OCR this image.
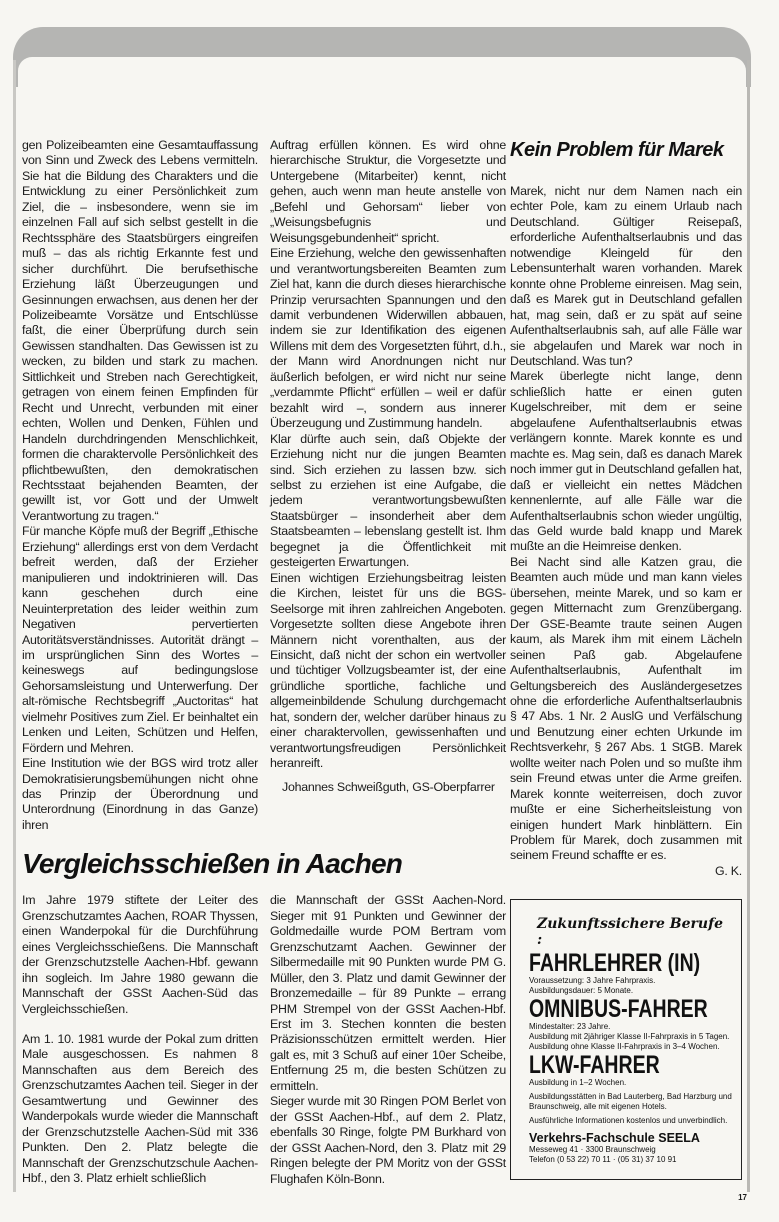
gen Polizeibeamten eine Gesamtauffassung von Sinn und Zweck des Lebens vermitteln. Sie hat die Bildung des Charakters und die Entwicklung zu einer Persönlichkeit zum Ziel, die – insbesondere, wenn sie im einzelnen Fall auf sich selbst gestellt in die Rechtssphäre des Staatsbürgers eingreifen muß – das als richtig Erkannte fest und sicher durchführt. Die berufsethische Erziehung läßt Überzeugungen und Gesinnungen erwachsen, aus denen her der Polizeibeamte Vorsätze und Entschlüsse faßt, die einer Überprüfung durch sein Gewissen standhalten. Das Gewissen ist zu wecken, zu bilden und stark zu machen. Sittlichkeit und Streben nach Gerechtigkeit, getragen von einem feinen Empfinden für Recht und Unrecht, verbunden mit einer echten, Wollen und Denken, Fühlen und Handeln durchdringenden Menschlichkeit, formen die charaktervolle Persönlichkeit des pflichtbewußten, den demokratischen Rechtsstaat bejahenden Beamten, der gewillt ist, vor Gott und der Umwelt Verantwortung zu tragen.“

Für manche Köpfe muß der Begriff „Ethische Erziehung“ allerdings erst von dem Verdacht befreit werden, daß der Erzieher manipulieren und indoktrinieren will. Das kann geschehen durch eine Neuinterpretation des leider weithin zum Negativen pervertierten Autoritätsverständnisses. Autorität drängt – im ursprünglichen Sinn des Wortes – keineswegs auf bedingungslose Gehorsamsleistung und Unterwerfung. Der alt-römische Rechtsbegriff „Auctoritas“ hat vielmehr Positives zum Ziel. Er beinhaltet ein Lenken und Leiten, Schützen und Helfen, Fördern und Mehren.

Eine Institution wie der BGS wird trotz aller Demokratisierungsbemühungen nicht ohne das Prinzip der Überordnung und Unterordnung (Einordnung in das Ganze) ihren

Auftrag erfüllen können. Es wird ohne hierarchische Struktur, die Vorgesetzte und Untergebene (Mitarbeiter) kennt, nicht gehen, auch wenn man heute anstelle von „Befehl und Gehorsam“ lieber von „Weisungsbefugnis und Weisungsgebundenheit“ spricht.

Eine Erziehung, welche den gewissenhaften und verantwortungsbereiten Beamten zum Ziel hat, kann die durch dieses hierarchische Prinzip verursachten Spannungen und den damit verbundenen Widerwillen abbauen, indem sie zur Identifikation des eigenen Willens mit dem des Vorgesetzten führt, d.h., der Mann wird Anordnungen nicht nur äußerlich befolgen, er wird nicht nur seine „verdammte Pflicht“ erfüllen – weil er dafür bezahlt wird –, sondern aus innerer Überzeugung und Zustimmung handeln.

Klar dürfte auch sein, daß Objekte der Erziehung nicht nur die jungen Beamten sind. Sich erziehen zu lassen bzw. sich selbst zu erziehen ist eine Aufgabe, die jedem verantwortungsbewußten Staatsbürger – insonderheit aber dem Staatsbeamten – lebenslang gestellt ist. Ihm begegnet ja die Öffentlichkeit mit gesteigerten Erwartungen.

Einen wichtigen Erziehungsbeitrag leisten die Kirchen, leistet für uns die BGS-Seelsorge mit ihren zahlreichen Angeboten. Vorgesetzte sollten diese Angebote ihren Männern nicht vorenthalten, aus der Einsicht, daß nicht der schon ein wertvoller und tüchtiger Vollzugsbeamter ist, der eine gründliche sportliche, fachliche und allgemeinbildende Schulung durchgemacht hat, sondern der, welcher darüber hinaus zu einer charaktervollen, gewissenhaften und verantwortungsfreudigen Persönlichkeit heranreift.

Johannes Schweißguth, GS-Oberpfarrer

Vergleichsschießen in Aachen

Im Jahre 1979 stiftete der Leiter des Grenzschutzamtes Aachen, ROAR Thyssen, einen Wanderpokal für die Durchführung eines Vergleichsschießens. Die Mannschaft der Grenzschutzstelle Aachen-Hbf. gewann ihn sogleich. Im Jahre 1980 gewann die Mannschaft der GSSt Aachen-Süd das Vergleichsschießen.

Am 1. 10. 1981 wurde der Pokal zum dritten Male ausgeschossen. Es nahmen 8 Mannschaften aus dem Bereich des Grenzschutzamtes Aachen teil. Sieger in der Gesamtwertung und Gewinner des Wanderpokals wurde wieder die Mannschaft der Grenzschutzstelle Aachen-Süd mit 336 Punkten. Den 2. Platz belegte die Mannschaft der Grenzschutzschule Aachen-Hbf., den 3. Platz erhielt schließlich

die Mannschaft der GSSt Aachen-Nord. Sieger mit 91 Punkten und Gewinner der Goldmedaille wurde POM Bertram vom Grenzschutzamt Aachen. Gewinner der Silbermedaille mit 90 Punkten wurde PM G. Müller, den 3. Platz und damit Gewinner der Bronzemedaille – für 89 Punkte – errang PHM Strempel von der GSSt Aachen-Hbf. Erst im 3. Stechen konnten die besten Präzisionsschützen ermittelt werden. Hier galt es, mit 3 Schuß auf einer 10er Scheibe, Entfernung 25 m, die besten Schützen zu ermitteln.

Sieger wurde mit 30 Ringen POM Berlet von der GSSt Aachen-Hbf., auf dem 2. Platz, ebenfalls 30 Ringe, folgte PM Burkhard von der GSSt Aachen-Nord, den 3. Platz mit 29 Ringen belegte der PM Moritz von der GSSt Flughafen Köln-Bonn.

Kein Problem für Marek

Marek, nicht nur dem Namen nach ein echter Pole, kam zu einem Urlaub nach Deutschland. Gültiger Reisepaß, erforderliche Aufenthaltserlaubnis und das notwendige Kleingeld für den Lebensunterhalt waren vorhanden. Marek konnte ohne Probleme einreisen. Mag sein, daß es Marek gut in Deutschland gefallen hat, mag sein, daß er zu spät auf seine Aufenthaltserlaubnis sah, auf alle Fälle war sie abgelaufen und Marek war noch in Deutschland. Was tun?

Marek überlegte nicht lange, denn schließlich hatte er einen guten Kugelschreiber, mit dem er seine abgelaufene Aufenthaltserlaubnis etwas verlängern konnte. Marek konnte es und machte es. Mag sein, daß es danach Marek noch immer gut in Deutschland gefallen hat, daß er vielleicht ein nettes Mädchen kennenlernte, auf alle Fälle war die Aufenthaltserlaubnis schon wieder ungültig, das Geld wurde bald knapp und Marek mußte an die Heimreise denken.

Bei Nacht sind alle Katzen grau, die Beamten auch müde und man kann vieles übersehen, meinte Marek, und so kam er gegen Mitternacht zum Grenzübergang. Der GSE-Beamte traute seinen Augen kaum, als Marek ihm mit einem Lächeln seinen Paß gab. Abgelaufene Aufenthaltserlaubnis, Aufenthalt im Geltungsbereich des Ausländergesetzes ohne die erforderliche Aufenthaltserlaubnis § 47 Abs. 1 Nr. 2 AuslG und Verfälschung und Benutzung einer echten Urkunde im Rechtsverkehr, § 267 Abs. 1 StGB. Marek wollte weiter nach Polen und so mußte ihm sein Freund etwas unter die Arme greifen. Marek konnte weiterreisen, doch zuvor mußte er eine Sicherheitsleistung von einigen hundert Mark hinblättern. Ein Problem für Marek, doch zusammen mit seinem Freund schaffte er es.

G. K.

Zukunftssichere Berufe :
FAHRLEHRER (IN)
Voraussetzung: 3 Jahre Fahrpraxis.
Ausbildungsdauer: 5 Monate.
OMNIBUS-FAHRER
Mindestalter: 23 Jahre.
Ausbildung mit 2jähriger Klasse II-Fahrpraxis in 5 Tagen.
Ausbildung ohne Klasse II-Fahrpraxis in 3–4 Wochen.
LKW-FAHRER
Ausbildung in 1–2 Wochen.
Ausbildungsstätten in Bad Lauterberg, Bad Harzburg und Braunschweig, alle mit eigenen Hotels.
Ausführliche Informationen kostenlos und unverbindlich.
Verkehrs-Fachschule SEELA
Messeweg 41 · 3300 Braunschweig
Telefon (0 53 22) 70 11 · (05 31) 37 10 91
17
